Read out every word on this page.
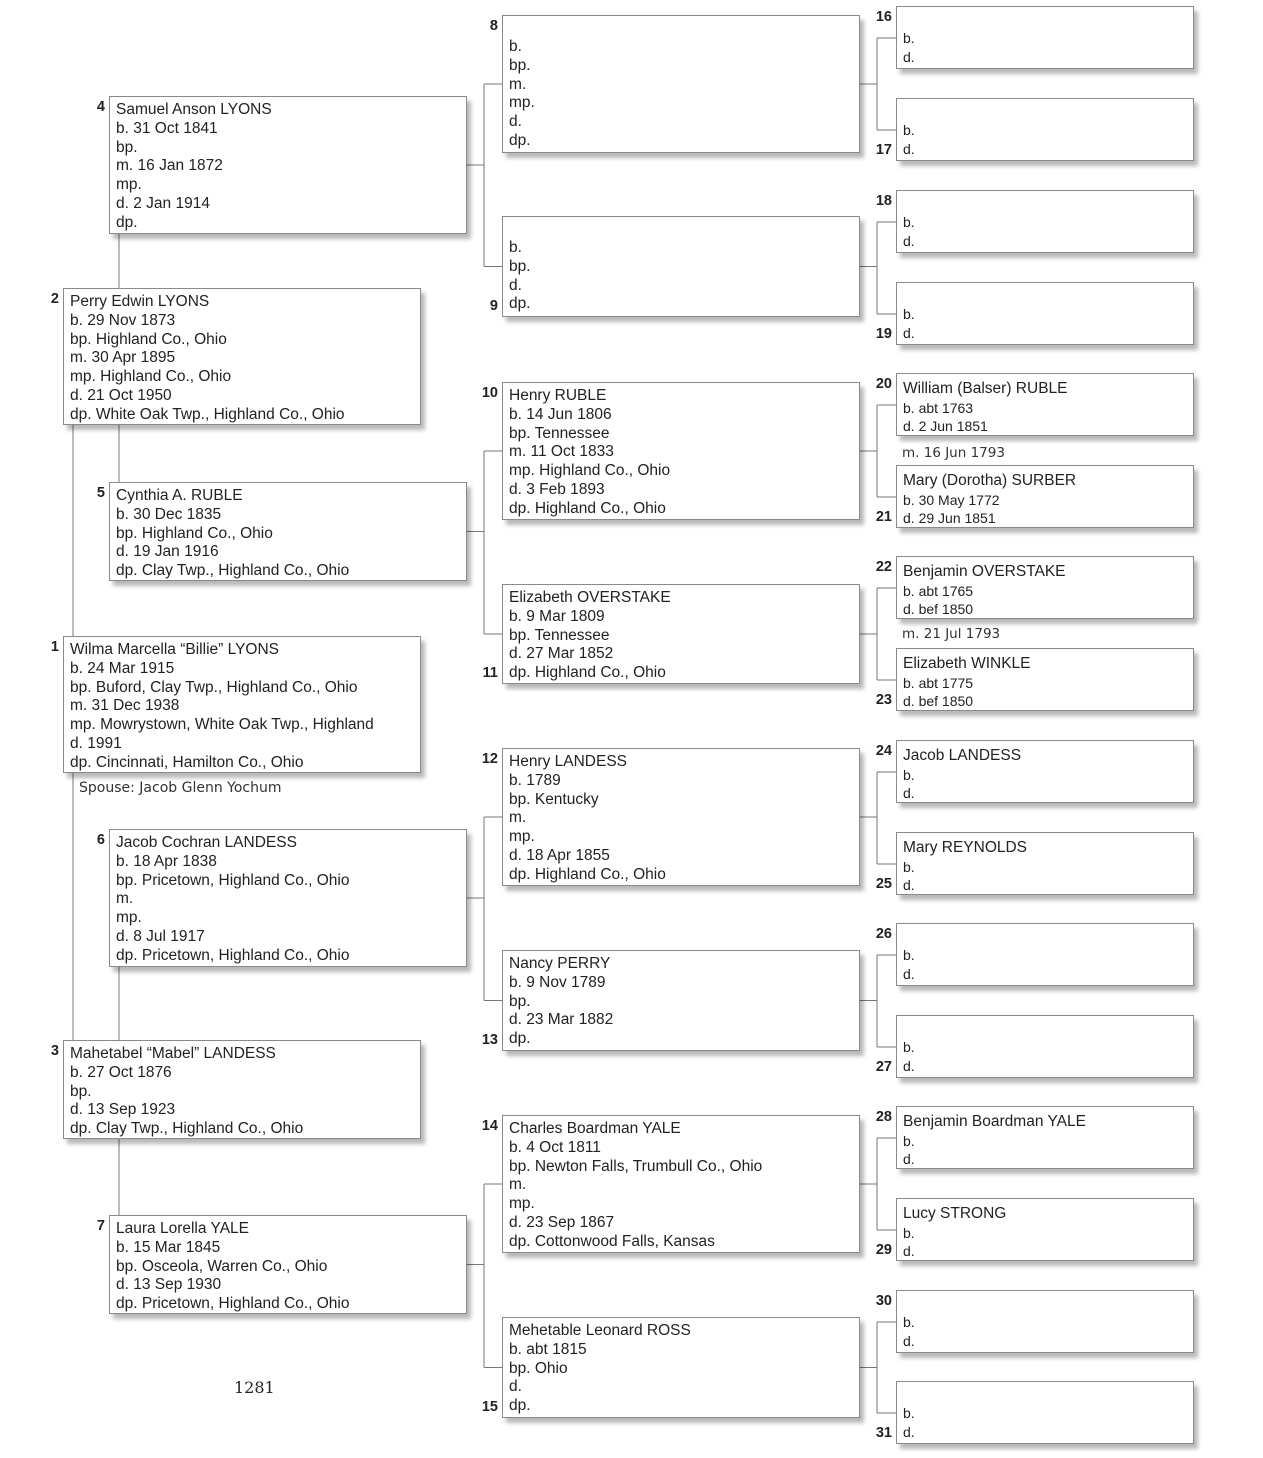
Wilma Marcella “Billie” LYONS
b. 24 Mar 1915
bp. Buford, Clay Twp., Highland Co., Ohio
m. 31 Dec 1938
mp. Mowrystown, White Oak Twp., Highland
d. 1991
dp. Cincinnati, Hamilton Co., Ohio
1
Perry Edwin LYONS
b. 29 Nov 1873
bp. Highland Co., Ohio
m. 30 Apr 1895
mp. Highland Co., Ohio
d. 21 Oct 1950
dp. White Oak Twp., Highland Co., Ohio
2
Mahetabel “Mabel” LANDESS
b. 27 Oct 1876
bp.
d. 13 Sep 1923
dp. Clay Twp., Highland Co., Ohio
3
Samuel Anson LYONS
b. 31 Oct 1841
bp.
m. 16 Jan 1872
mp.
d. 2 Jan 1914
dp.
4
Cynthia A. RUBLE
b. 30 Dec 1835
bp. Highland Co., Ohio
d. 19 Jan 1916
dp. Clay Twp., Highland Co., Ohio
5
Jacob Cochran LANDESS
b. 18 Apr 1838
bp. Pricetown, Highland Co., Ohio
m.
mp.
d. 8 Jul 1917
dp. Pricetown, Highland Co., Ohio
6
Laura Lorella YALE
b. 15 Mar 1845
bp. Osceola, Warren Co., Ohio
d. 13 Sep 1930
dp. Pricetown, Highland Co., Ohio
7
b.
bp.
m.
mp.
d.
dp.
8
b.
bp.
d.
dp.
9
Henry RUBLE
b. 14 Jun 1806
bp. Tennessee
m. 11 Oct 1833
mp. Highland Co., Ohio
d. 3 Feb 1893
dp. Highland Co., Ohio
10
Elizabeth OVERSTAKE
b. 9 Mar 1809
bp. Tennessee
d. 27 Mar 1852
dp. Highland Co., Ohio
11
Henry LANDESS
b. 1789
bp. Kentucky
m.
mp.
d. 18 Apr 1855
dp. Highland Co., Ohio
12
Nancy PERRY
b. 9 Nov 1789
bp.
d. 23 Mar 1882
dp.
13
Charles Boardman YALE
b. 4 Oct 1811
bp. Newton Falls, Trumbull Co., Ohio
m.
mp.
d. 23 Sep 1867
dp. Cottonwood Falls, Kansas
14
Mehetable Leonard ROSS
b. abt 1815
bp. Ohio
d.
dp.
15
b.
d.
16
b.
d.
17
b.
d.
18
b.
d.
19
William (Balser) RUBLE
b. abt 1763
d. 2 Jun 1851
20
Mary (Dorotha) SURBER
b. 30 May 1772
d. 29 Jun 1851
21
Benjamin OVERSTAKE
b. abt 1765
d. bef 1850
22
Elizabeth WINKLE
b. abt 1775
d. bef 1850
23
Jacob LANDESS
b.
d.
24
Mary REYNOLDS
b.
d.
25
b.
d.
26
b.
d.
27
Benjamin Boardman YALE
b.
d.
28
Lucy STRONG
b.
d.
29
b.
d.
30
b.
d.
31
m. 16 Jun 1793
m. 21 Jul 1793
Spouse: Jacob Glenn Yochum
1281
